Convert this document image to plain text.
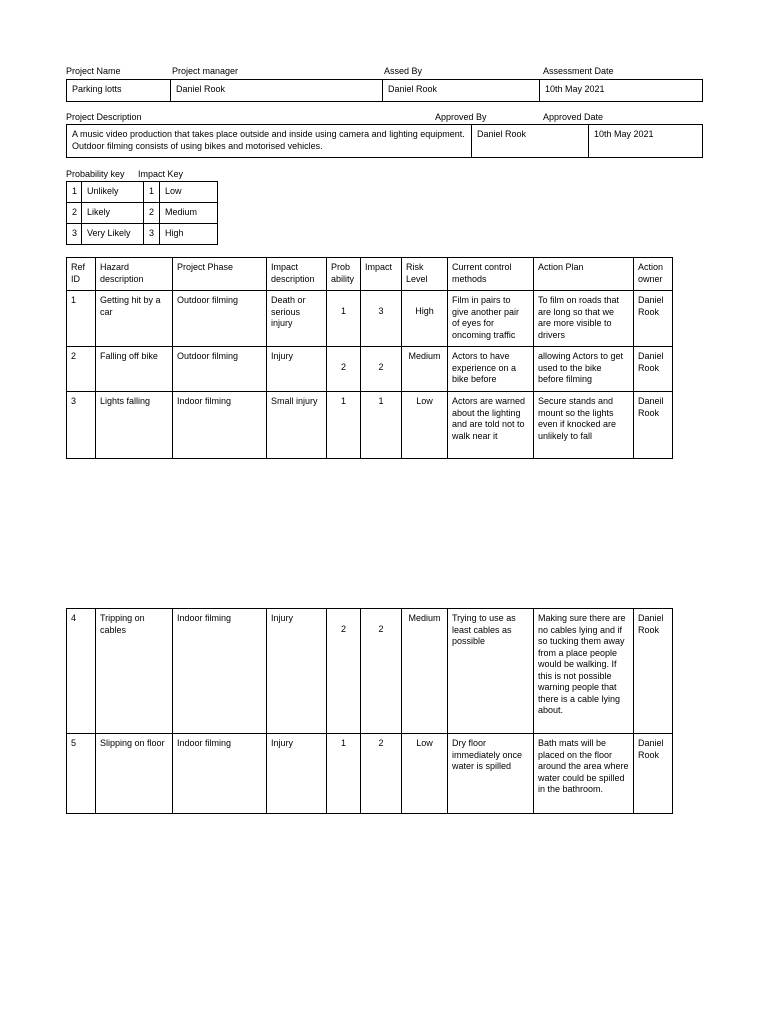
Project Name	Project manager	Assed By	Assessment Date
Parking lotts	Daniel Rook	Daniel Rook	10th May 2021
Project Description	Approved By	Approved Date
A music video production that takes place outside and inside using camera and lighting equipment. Outdoor filming consists of using bikes and motorised vehicles.	Daniel Rook	10th May 2021
Probability key Impact Key
1	Unlikely	1	Low
2	Likely	2	Medium
3	Very Likely	3	High
Ref ID	Hazard description	Project Phase	Impact description	Prob ability	Impact	Risk Level	Current control methods	Action Plan	Action owner
1	Getting hit by a car	Outdoor filming	Death or serious injury	1	3	High	Film in pairs to give another pair of eyes for oncoming traffic	To film on roads that are long so that we are more visible to drivers	Daniel Rook
2	Falling off bike	Outdoor filming	Injury	2	2	Medium	Actors to have experience on a bike before	allowing Actors to get used to the bike before filming	Daniel Rook
3	Lights falling	Indoor filming	Small injury	1	1	Low	Actors are warned about the lighting and are told not to walk near it	Secure stands and mount so the lights even if knocked are unlikely to fall	Daneil Rook
4	Tripping on cables	Indoor filming	Injury	2	2	Medium	Trying to use as least cables as possible	Making sure there are no cables lying and if so tucking them away from a place people would be walking. If this is not possible warning people that there is a cable lying about.	Daniel Rook
5	Slipping on floor	Indoor filming	Injury	1	2	Low	Dry floor immediately once water is spilled	Bath mats will be placed on the floor around the area where water could be spilled in the bathroom.	Daniel Rook
